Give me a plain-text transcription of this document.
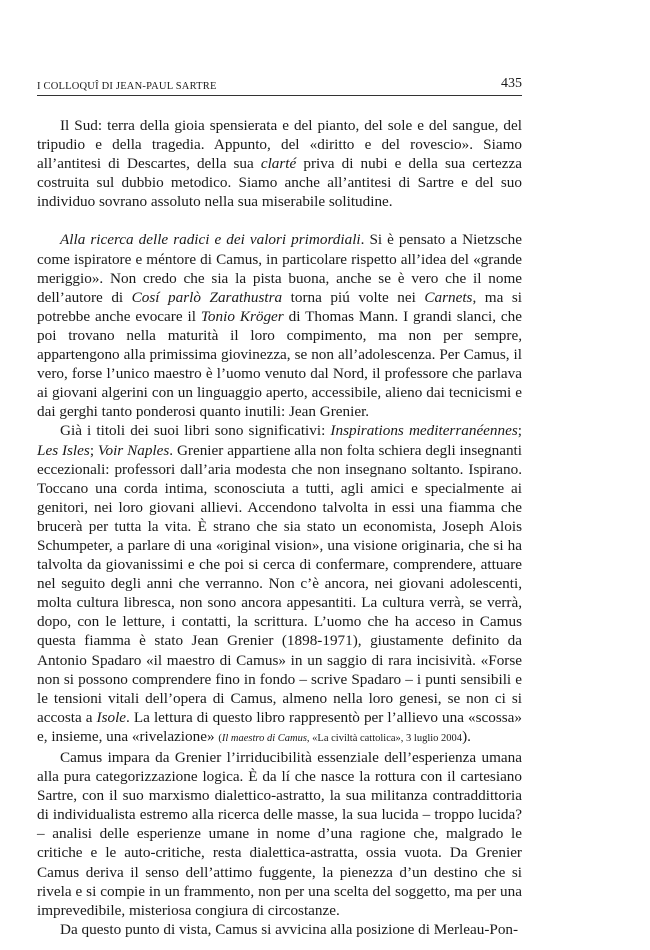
I COLLOQUÎ DI JEAN-PAUL SARTRE	435

Il Sud: terra della gioia spensierata e del pianto, del sole e del sangue, del tripudio e della tragedia. Appunto, del «diritto e del rovescio». Siamo all’antitesi di Descartes, della sua clarté priva di nubi e della sua certezza costruita sul dubbio metodico. Siamo anche all’antitesi di Sartre e del suo individuo sovrano assoluto nella sua miserabile solitudine.

Alla ricerca delle radici e dei valori primordiali. Si è pensato a Nietzsche come ispiratore e méntore di Camus, in particolare rispetto all’idea del «grande meriggio». Non credo che sia la pista buona, anche se è vero che il nome dell’autore di Cosí parlò Zarathustra torna piú volte nei Carnets, ma si potrebbe anche evocare il Tonio Kröger di Thomas Mann. I grandi slanci, che poi trovano nella maturità il loro compimento, ma non per sempre, appartengono alla primissima giovinezza, se non all’adolescenza. Per Camus, il vero, forse l’unico maestro è l’uomo venuto dal Nord, il professore che parlava ai giovani algerini con un linguaggio aperto, accessibile, alieno dai tecnicismi e dai gerghi tanto ponderosi quanto inutili: Jean Grenier.

Già i titoli dei suoi libri sono significativi: Inspirations mediterranéennes; Les Isles; Voir Naples. Grenier appartiene alla non folta schiera degli insegnanti eccezionali: professori dall’aria modesta che non insegnano soltanto. Ispirano. Toccano una corda intima, sconosciuta a tutti, agli amici e specialmente ai genitori, nei loro giovani allievi. Accendono talvolta in essi una fiamma che brucerà per tutta la vita. È strano che sia stato un economista, Joseph Alois Schumpeter, a parlare di una «original vision», una visione originaria, che si ha talvolta da giovanissimi e che poi si cerca di confermare, comprendere, attuare nel seguito degli anni che verranno. Non c’è ancora, nei giovani adolescenti, molta cultura libresca, non sono ancora appesantiti. La cultura verrà, se verrà, dopo, con le letture, i contatti, la scrittura. L’uomo che ha acceso in Camus questa fiamma è stato Jean Grenier (1898-1971), giustamente definito da Antonio Spadaro «il maestro di Camus» in un saggio di rara incisività. «Forse non si possono comprendere fino in fondo – scrive Spadaro – i punti sensibili e le tensioni vitali dell’opera di Camus, almeno nella loro genesi, se non ci si accosta a Isole. La lettura di questo libro rappresentò per l’allievo una «scossa» e, insieme, una «rivelazione» (Il maestro di Camus, «La civiltà cattolica», 3 luglio 2004).

Camus impara da Grenier l’irriducibilità essenziale dell’esperienza umana alla pura categorizzazione logica. È da lí che nasce la rottura con il cartesiano Sartre, con il suo marxismo dialettico-astratto, la sua militanza contraddittoria di individualista estremo alla ricerca delle masse, la sua lucida – troppo lucida? – analisi delle esperienze umane in nome d’una ragione che, malgrado le critiche e le auto-critiche, resta dialettica-astratta, ossia vuota. Da Grenier Camus deriva il senso dell’attimo fuggente, la pienezza d’un destino che si rivela e si compie in un frammento, non per una scelta del soggetto, ma per una imprevedibile, misteriosa congiura di circostanze.

Da questo punto di vista, Camus si avvicina alla posizione di Merleau-Pon-
